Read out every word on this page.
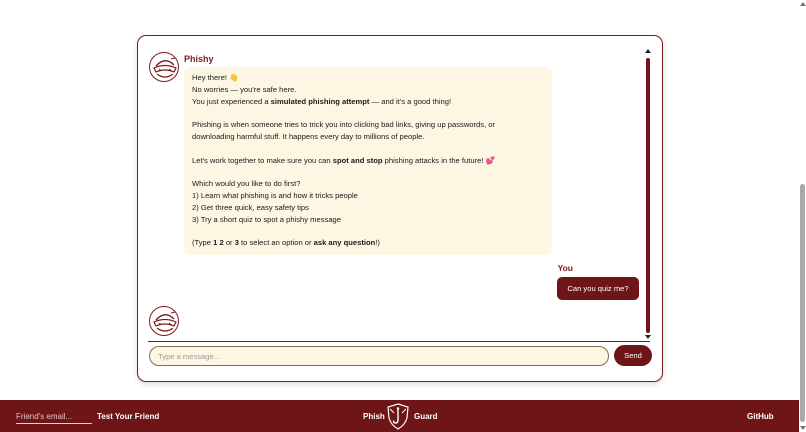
Phishy

Hey there! 👋

No worries — you're safe here.

You just experienced a simulated phishing attempt — and it's a good thing!

Phishing is when someone tries to trick you into clicking bad links, giving up passwords, or

downloading harmful stuff. It happens every day to millions of people.

Let's work together to make sure you can spot and stop phishing attacks in the future! 💕

Which would you like to do first?

1) Learn what phishing is and how it tricks people

2) Get three quick, easy safety tips

3) Try a short quiz to spot a phishy message

(Type 1 2 or 3 to select an option or ask any question!)

You
Can you quiz me?
Type a message...
Send
Friend's email...
Test Your Friend	Phish	Guard	GitHub
